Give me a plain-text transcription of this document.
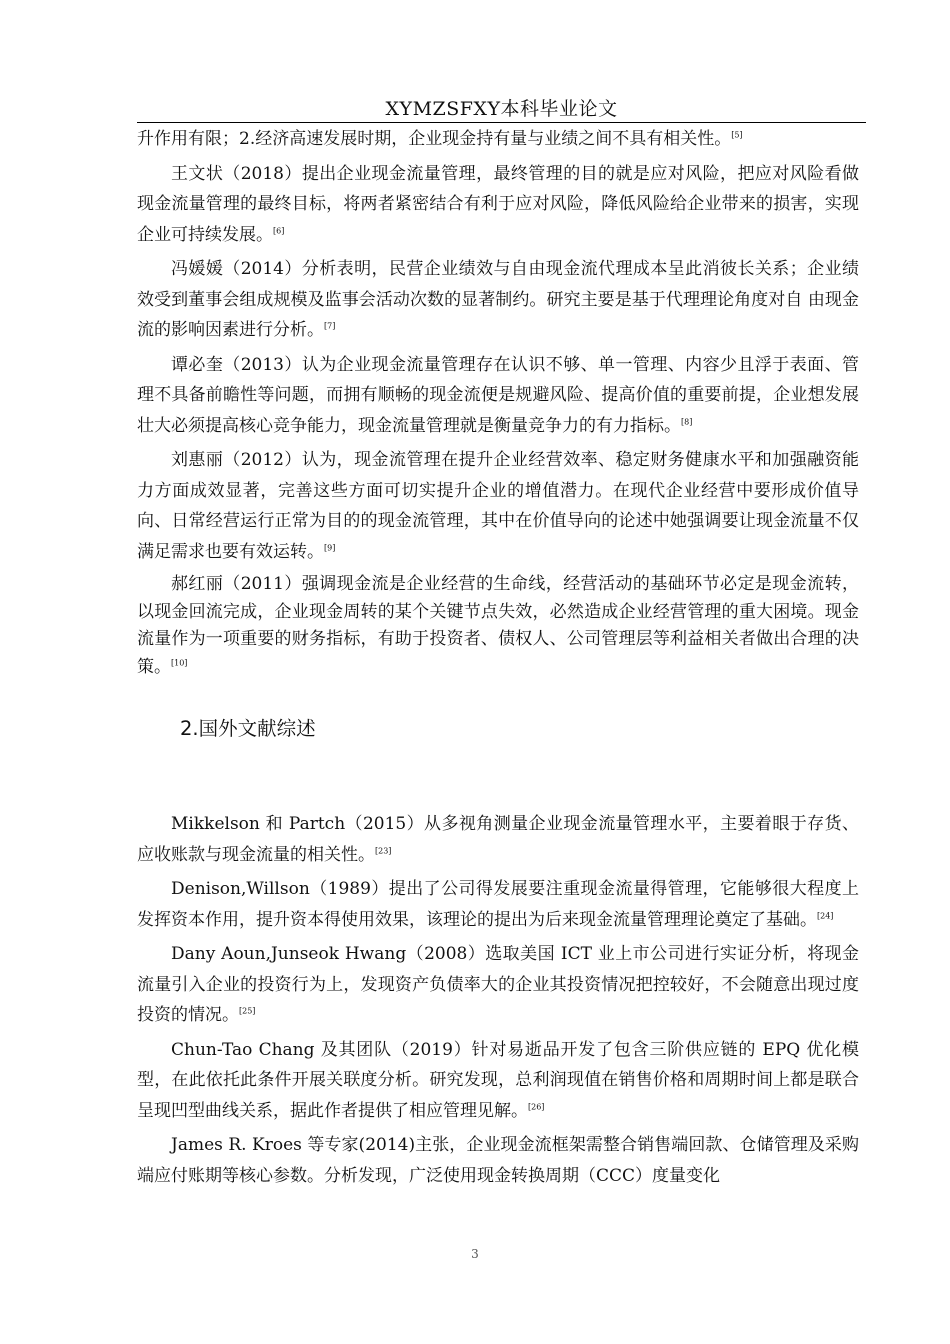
XYMZSFXY本科毕业论文

升作用有限；2.经济高速发展时期，企业现金持有量与业绩之间不具有相关性。[5]

王文状（2018）提出企业现金流量管理，最终管理的目的就是应对风险，把应对风险看做现金流量管理的最终目标，将两者紧密结合有利于应对风险，降低风险给企业带来的损害，实现企业可持续发展。[6]

冯媛媛（2014）分析表明，民营企业绩效与自由现金流代理成本呈此消彼长关系；企业绩效受到董事会组成规模及监事会活动次数的显著制约。研究主要是基于代理理论角度对自 由现金流的影响因素进行分析。[7]

谭必奎（2013）认为企业现金流量管理存在认识不够、单一管理、内容少且浮于表面、管理不具备前瞻性等问题，而拥有顺畅的现金流便是规避风险、提高价值的重要前提，企业想发展壮大必须提高核心竞争能力，现金流量管理就是衡量竞争力的有力指标。[8]

刘惠丽（2012）认为，现金流管理在提升企业经营效率、稳定财务健康水平和加强融资能力方面成效显著，完善这些方面可切实提升企业的增值潜力。在现代企业经营中要形成价值导向、日常经营运行正常为目的的现金流管理，其中在价值导向的论述中她强调要让现金流量不仅满足需求也要有效运转。[9]

郝红丽（2011）强调现金流是企业经营的生命线，经营活动的基础环节必定是现金流转，以现金回流完成，企业现金周转的某个关键节点失效，必然造成企业经营管理的重大困境。现金流量作为一项重要的财务指标，有助于投资者、债权人、公司管理层等利益相关者做出合理的决策。[10]

2.国外文献综述

Mikkelson 和 Partch（2015）从多视角测量企业现金流量管理水平，主要着眼于存货、应收账款与现金流量的相关性。[23]

Denison,Willson（1989）提出了公司得发展要注重现金流量得管理，它能够很大程度上发挥资本作用，提升资本得使用效果，该理论的提出为后来现金流量管理理论奠定了基础。[24]

Dany Aoun,Junseok Hwang（2008）选取美国 ICT 业上市公司进行实证分析，将现金流量引入企业的投资行为上，发现资产负债率大的企业其投资情况把控较好，不会随意出现过度投资的情况。[25]

Chun-Tao Chang 及其团队（2019）针对易逝品开发了包含三阶供应链的 EPQ 优化模型，在此依托此条件开展关联度分析。研究发现，总利润现值在销售价格和周期时间上都是联合呈现凹型曲线关系，据此作者提供了相应管理见解。[26]

James R. Kroes 等专家(2014)主张，企业现金流框架需整合销售端回款、仓储管理及采购端应付账期等核心参数。分析发现，广泛使用现金转换周期（CCC）度量变化

3
